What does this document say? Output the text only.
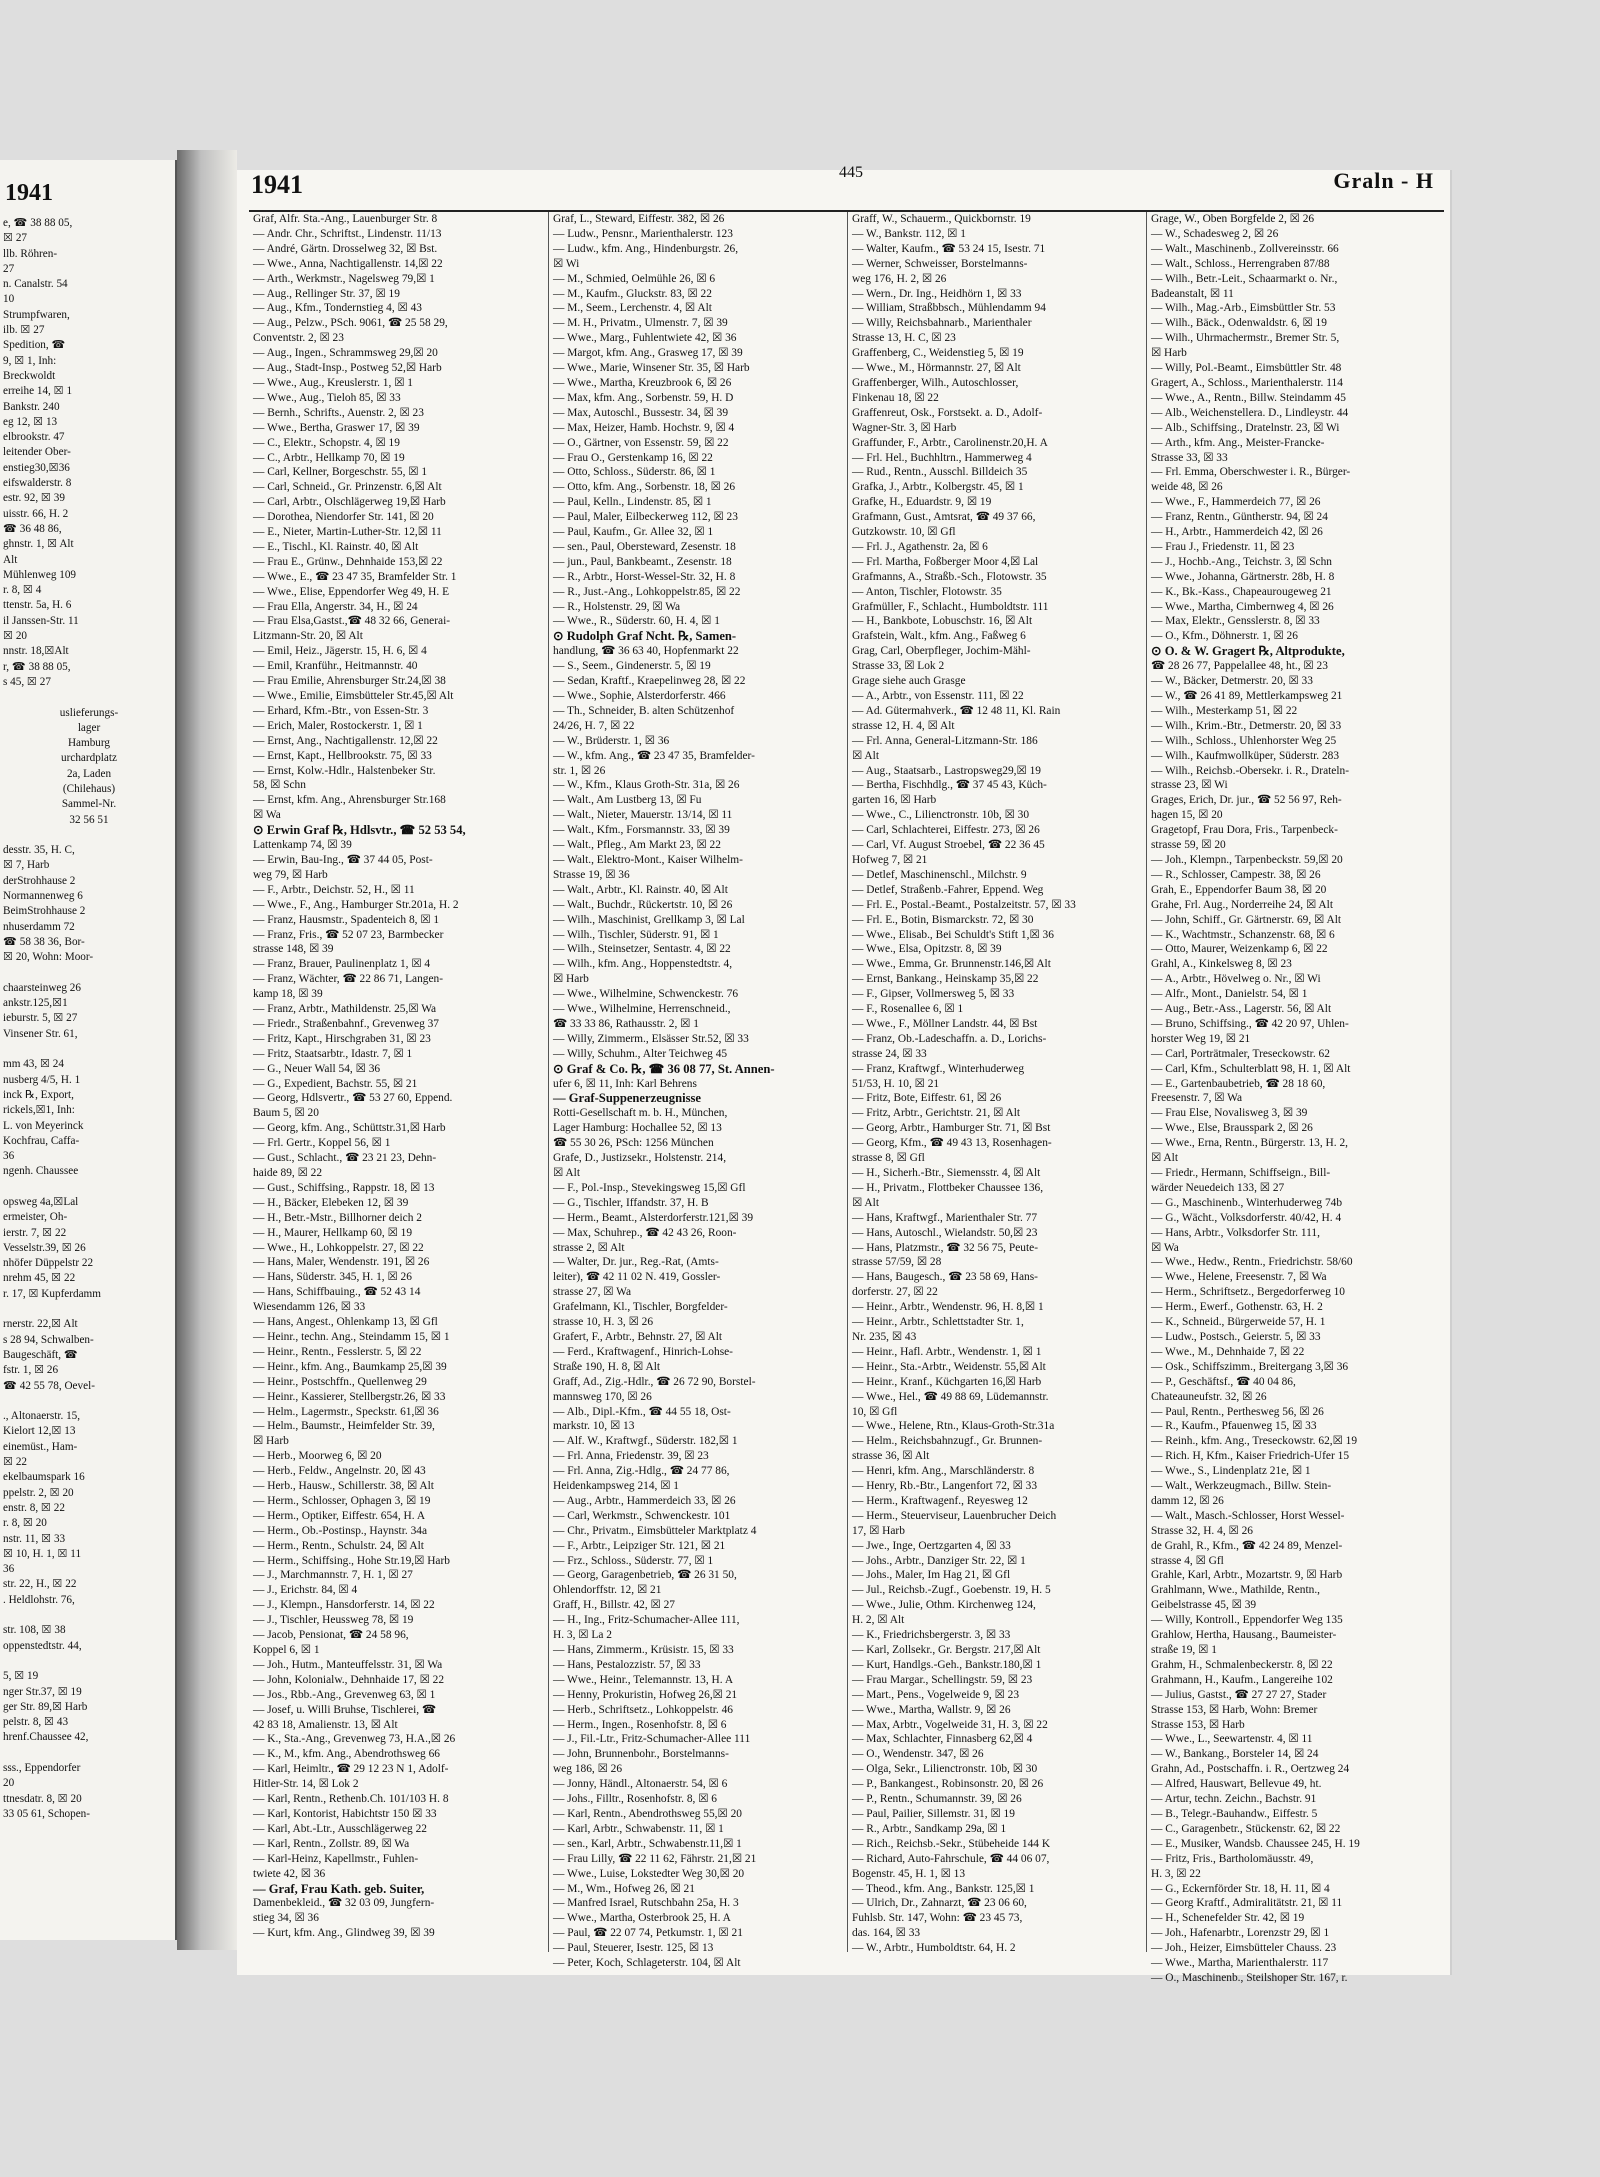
1941
e, ☎ 38 88 05,
☒ 27
llb. Röhren-
27
n. Canalstr. 54
10
Strumpfwaren,
ilb. ☒ 27
Spedition, ☎
9, ☒ 1, Inh:
Breckwoldt
erreihe 14, ☒ 1
Bankstr. 240
eg 12, ☒ 13
elbrookstr. 47
leitender Ober-
enstieg30,☒36
eifswalderstr. 8
estr. 92, ☒ 39
uisstr. 66, H. 2
☎ 36 48 86,
ghnstr. 1, ☒ Alt
Alt
Mühlenweg 109
r. 8, ☒ 4
ttenstr. 5a, H. 6
il Janssen-Str. 11
☒ 20
nnstr. 18,☒Alt
r, ☎ 38 88 05,
s 45, ☒ 27

uslieferungs-
lager
Hamburg
urchardplatz
2a, Laden
(Chilehaus)
Sammel-Nr.
32 56 51

desstr. 35, H. C,
☒ 7, Harb
derStrohhause 2
Normannenweg 6
BeimStrohhause 2
nhuserdamm 72
☎ 58 38 36, Bor-
☒ 20, Wohn: Moor-

chaarsteinweg 26
ankstr.125,☒1
ieburstr. 5, ☒ 27
Vinsener Str. 61,

mm 43, ☒ 24
nusberg 4/5, H. 1
inck ℞, Export,
rickels,☒1, Inh:
L. von Meyerinck
Kochfrau, Caffa-
36
ngenh. Chaussee

opsweg 4a,☒Lal
ermeister, Oh-
ierstr. 7, ☒ 22
Vesselstr.39, ☒ 26
nhöfer Düppelstr 22
nrehm 45, ☒ 22
r. 17, ☒ Kupferdamm

rnerstr. 22,☒ Alt
s 28 94, Schwalben-
Baugeschäft, ☎
fstr. 1, ☒ 26
☎ 42 55 78, Oevel-

., Altonaerstr. 15,
Kielort 12,☒ 13
einemüst., Ham-
☒ 22
ekelbaumspark 16
ppelstr. 2, ☒ 20
enstr. 8, ☒ 22
r. 8, ☒ 20
nstr. 11, ☒ 33
☒ 10, H. 1, ☒ 11
36
str. 22, H., ☒ 22
. Heldlohstr. 76,

str. 108, ☒ 38
oppenstedtstr. 44,

5, ☒ 19
nger Str.37, ☒ 19
ger Str. 89,☒ Harb
pelstr. 8, ☒ 43
hrenf.Chaussee 42,

sss., Eppendorfer
20
ttnesdatr. 8, ☒ 20
33 05 61, Schopen-
1941	445	Graln - H
Graf, Alfr. Sta.-Ang., Lauenburger Str. 8
— Andr. Chr., Schriftst., Lindenstr. 11/13
— André, Gärtn. Drosselweg 32, ☒ Bst.
— Wwe., Anna, Nachtigallenstr. 14,☒ 22
— Arth., Werkmstr., Nagelsweg 79,☒ 1
— Aug., Rellinger Str. 37, ☒ 19
— Aug., Kfm., Tondernstieg 4, ☒ 43
— Aug., Pelzw., PSch. 9061, ☎ 25 58 29,
Conventstr. 2, ☒ 23
— Aug., Ingen., Schrammsweg 29,☒ 20
— Aug., Stadt-Insp., Postweg 52,☒ Harb
— Wwe., Aug., Kreuslerstr. 1, ☒ 1
— Wwe., Aug., Tieloh 85, ☒ 33
— Bernh., Schrifts., Auenstr. 2, ☒ 23
— Wwe., Bertha, Graswег 17, ☒ 39
— C., Elektr., Schopstr. 4, ☒ 19
— C., Arbtr., Hellkamp 70, ☒ 19
— Carl, Kellner, Borgeschstr. 55, ☒ 1
— Carl, Schneid., Gr. Prinzenstr. 6,☒ Alt
— Carl, Arbtr., Olschlägerweg 19,☒ Harb
— Dorothea, Niendorfer Str. 141, ☒ 20
— E., Nieter, Martin-Luther-Str. 12,☒ 11
— E., Tischl., Kl. Rainstr. 40, ☒ Alt
— Frau E., Grünw., Dehnhaide 153,☒ 22
— Wwe., E., ☎ 23 47 35, Bramfelder Str. 1
— Wwe., Elise, Eppendorfer Weg 49, H. E
— Frau Ella, Angerstr. 34, H., ☒ 24
— Frau Elsa,Gastst.,☎ 48 32 66, Generai-
Litzmann-Str. 20, ☒ Alt
— Emil, Heiz., Jägerstr. 15, H. 6, ☒ 4
— Emil, Kranführ., Heitmannstr. 40
— Frau Emilie, Ahrensburger Str.24,☒ 38
— Wwe., Emilie, Eimsbütteler Str.45,☒ Alt
— Erhard, Kfm.-Btr., von Essen-Str. 3
— Erich, Maler, Rostockerstr. 1, ☒ 1
— Ernst, Ang., Nachtigallenstr. 12,☒ 22
— Ernst, Kapt., Hellbrookstr. 75, ☒ 33
— Ernst, Kolw.-Hdlr., Halstenbeker Str.
58, ☒ Schn
— Ernst, kfm. Ang., Ahrensburger Str.168
☒ Wa
⊙ Erwin Graf ℞, Hdlsvtr., ☎ 52 53 54,
Lattenkamp 74, ☒ 39
— Erwin, Bau-Ing., ☎ 37 44 05, Post-
weg 79, ☒ Harb
— F., Arbtr., Deichstr. 52, H., ☒ 11
— Wwe., F., Ang., Hamburger Str.201a, H. 2
— Franz, Hausmstr., Spadenteich 8, ☒ 1
— Franz, Fris., ☎ 52 07 23, Barmbecker
strasse 148, ☒ 39
— Franz, Brauer, Paulinenplatz 1, ☒ 4
— Franz, Wächter, ☎ 22 86 71, Langen-
kamp 18, ☒ 39
— Franz, Arbtr., Mathildenstr. 25,☒ Wa
— Friedr., Straßenbahnf., Grevenweg 37
— Fritz, Kapt., Hirschgraben 31, ☒ 23
— Fritz, Staatsarbtr., Idastr. 7, ☒ 1
— G., Neuer Wall 54, ☒ 36
— G., Expedient, Bachstr. 55, ☒ 21
— Georg, Hdlsvertr., ☎ 53 27 60, Eppend.
Baum 5, ☒ 20
— Georg, kfm. Ang., Schüttstr.31,☒ Harb
— Frl. Gertr., Koppel 56, ☒ 1
— Gust., Schlacht., ☎ 23 21 23, Dehn-
haide 89, ☒ 22
— Gust., Schiffsing., Rappstr. 18, ☒ 13
— H., Bäcker, Elebeken 12, ☒ 39
— H., Betr.-Mstr., Billhorner deich 2
— H., Maurer, Hellkamp 60, ☒ 19
— Wwe., H., Lohkoppelstr. 27, ☒ 22
— Hans, Maler, Wendenstr. 191, ☒ 26
— Hans, Süderstr. 345, H. 1, ☒ 26
— Hans, Schiffbauing., ☎ 52 43 14
Wiesendamm 126, ☒ 33
— Hans, Angest., Ohlenkamp 13, ☒ Gfl
— Heinr., techn. Ang., Steindamm 15, ☒ 1
— Heinr., Rentn., Fesslerstr. 5, ☒ 22
— Heinr., kfm. Ang., Baumkamp 25,☒ 39
— Heinr., Postschffn., Quellenweg 29
— Heinr., Kassierer, Stellbergstr.26, ☒ 33
— Helm., Lagermstr., Speckstr. 61,☒ 36
— Helm., Baumstr., Heimfelder Str. 39,
☒ Harb
— Herb., Moorweg 6, ☒ 20
— Herb., Feldw., Angelnstr. 20, ☒ 43
— Herb., Hausw., Schillerstr. 38, ☒ Alt
— Herm., Schlosser, Ophagen 3, ☒ 19
— Herm., Optiker, Eiffestr. 654, H. A
— Herm., Ob.-Postinsp., Haynstr. 34a
— Herm., Rentn., Schulstr. 24, ☒ Alt
— Herm., Schiffsing., Hohe Str.19,☒ Harb
— J., Marchmannstr. 7, H. 1, ☒ 27
— J., Erichstr. 84, ☒ 4
— J., Klempn., Hansdorferstr. 14, ☒ 22
— J., Tischler, Heussweg 78, ☒ 19
— Jacob, Pensionat, ☎ 24 58 96,
Koppel 6, ☒ 1
— Joh., Hutm., Manteuffelsstr. 31, ☒ Wa
— John, Kolonialw., Dehnhaide 17, ☒ 22
— Jos., Rbb.-Ang., Grevenweg 63, ☒ 1
— Josef, u. Willi Bruhse, Tischlerei, ☎
42 83 18, Amalienstr. 13, ☒ Alt
— K., Sta.-Ang., Grevenweg 73, H.A.,☒ 26
— K., M., kfm. Ang., Abendrothsweg 66
— Karl, Heimltr., ☎ 29 12 23 N 1, Adolf-
Hitler-Str. 14, ☒ Lok 2
— Karl, Rentn., Rethenb.Ch. 101/103 H. 8
— Karl, Kontorist, Habichtstr 150 ☒ 33
— Karl, Abt.-Ltr., Ausschlägerweg 22
— Karl, Rentn., Zollstr. 89, ☒ Wa
— Karl-Heinz, Kapellmstr., Fuhlen-
twiete 42, ☒ 36
— Graf, Frau Kath. geb. Suiter,
Damenbekleid., ☎ 32 03 09, Jungfern-
stieg 34, ☒ 36
— Kurt, kfm. Ang., Glindweg 39, ☒ 39
Graf, L., Steward, Eiffestr. 382, ☒ 26
— Ludw., Pensnr., Marienthalerstr. 123
— Ludw., kfm. Ang., Hindenburgstr. 26,
☒ Wi
— M., Schmied, Oelmühle 26, ☒ 6
— M., Kaufm., Gluckstr. 83, ☒ 22
— M., Seem., Lerchenstr. 4, ☒ Alt
— M. H., Privatm., Ulmenstr. 7, ☒ 39
— Wwe., Marg., Fuhlentwiete 42, ☒ 36
— Margot, kfm. Ang., Grasweg 17, ☒ 39
— Wwe., Marie, Winsener Str. 35, ☒ Harb
— Wwe., Martha, Kreuzbrook 6, ☒ 26
— Max, kfm. Ang., Sorbenstr. 59, H. D
— Max, Autoschl., Bussestr. 34, ☒ 39
— Max, Heizer, Hamb. Hochstr. 9, ☒ 4
— O., Gärtner, von Essenstr. 59, ☒ 22
— Frau O., Gerstenkamp 16, ☒ 22
— Otto, Schloss., Süderstr. 86, ☒ 1
— Otto, kfm. Ang., Sorbenstr. 18, ☒ 26
— Paul, Kelln., Lindenstr. 85, ☒ 1
— Paul, Maler, Eilbeckerweg 112, ☒ 23
— Paul, Kaufm., Gr. Allee 32, ☒ 1
— sen., Paul, Obersteward, Zesenstr. 18
— jun., Paul, Bankbeamt., Zesenstr. 18
— R., Arbtr., Horst-Wessel-Str. 32, H. 8
— R., Just.-Ang., Lohkoppelstr.85, ☒ 22
— R., Holstenstr. 29, ☒ Wa
— Wwe., R., Süderstr. 60, H. 4, ☒ 1
⊙ Rudolph Graf Ncht. ℞, Samen-
handlung, ☎ 36 63 40, Hopfenmarkt 22
— S., Seem., Gindenerstr. 5, ☒ 19
— Sedan, Kraftf., Kraepelinweg 28, ☒ 22
— Wwe., Sophie, Alsterdorferstr. 466
— Th., Schneider, B. alten Schützenhof
24/26, H. 7, ☒ 22
— W., Brüderstr. 1, ☒ 36
— W., kfm. Ang., ☎ 23 47 35, Bramfelder-
str. 1, ☒ 26
— W., Kfm., Klaus Groth-Str. 31a, ☒ 26
— Walt., Am Lustberg 13, ☒ Fu
— Walt., Nieter, Mauerstr. 13/14, ☒ 11
— Walt., Kfm., Forsmannstr. 33, ☒ 39
— Walt., Pfleg., Am Markt 23, ☒ 22
— Walt., Elektro-Mont., Kaiser Wilhelm-
Strasse 19, ☒ 36
— Walt., Arbtr., Kl. Rainstr. 40, ☒ Alt
— Walt., Buchdr., Rückertstr. 10, ☒ 26
— Wilh., Maschinist, Grellkamp 3, ☒ Lal
— Wilh., Tischler, Süderstr. 91, ☒ 1
— Wilh., Steinsetzer, Sentastr. 4, ☒ 22
— Wilh., kfm. Ang., Hoppenstedtstr. 4,
☒ Harb
— Wwe., Wilhelmine, Schwenckestr. 76
— Wwe., Wilhelmine, Herrenschneid.,
☎ 33 33 86, Rathausstr. 2, ☒ 1
— Willy, Zimmerm., Elsässer Str.52, ☒ 33
— Willy, Schuhm., Alter Teichweg 45
⊙ Graf & Co. ℞, ☎ 36 08 77, St. Annen-
ufer 6, ☒ 11, Inh: Karl Behrens
— Graf-Suppenerzeugnisse
Rotti-Gesellschaft m. b. H., München,
Lager Hamburg: Hochallee 52, ☒ 13
☎ 55 30 26, PSch: 1256 München
Grafe, D., Justizsekr., Holstenstr. 214,
☒ Alt
— F., Pol.-Insp., Stevekingsweg 15,☒ Gfl
— G., Tischler, Iffandstr. 37, H. B
— Herm., Beamt., Alsterdorferstr.121,☒ 39
— Max, Schuhrep., ☎ 42 43 26, Roon-
strasse 2, ☒ Alt
— Walter, Dr. jur., Reg.-Rat, (Amts-
leiter), ☎ 42 11 02 N. 419, Gossler-
strasse 27, ☒ Wa
Grafelmann, Kl., Tischler, Borgfelder-
strasse 10, H. 3, ☒ 26
Grafert, F., Arbtr., Behnstr. 27, ☒ Alt
— Ferd., Kraftwagenf., Hinrich-Lohse-
Straße 190, H. 8, ☒ Alt
Graff, Ad., Zig.-Hdlr., ☎ 26 72 90, Borstel-
mannsweg 170, ☒ 26
— Alb., Dipl.-Kfm., ☎ 44 55 18, Ost-
markstr. 10, ☒ 13
— Alf. W., Kraftwgf., Süderstr. 182,☒ 1
— Frl. Anna, Friedenstr. 39, ☒ 23
— Frl. Anna, Zig.-Hdlg., ☎ 24 77 86,
Heidenkampsweg 214, ☒ 1
— Aug., Arbtr., Hammerdeich 33, ☒ 26
— Carl, Werkmstr., Schwenckestr. 101
— Chr., Privatm., Eimsbütteler Marktplatz 4
— F., Arbtr., Leipziger Str. 121, ☒ 21
— Frz., Schloss., Süderstr. 77, ☒ 1
— Georg, Garagenbetrieb, ☎ 26 31 50,
Ohlendorffstr. 12, ☒ 21
Graff, H., Billstr. 42, ☒ 27
— H., Ing., Fritz-Schumacher-Allee 111,
H. 3, ☒ La 2
— Hans, Zimmerm., Krüsistr. 15, ☒ 33
— Hans, Pestalozzistr. 57, ☒ 33
— Wwe., Heinr., Telemannstr. 13, H. A
— Henny, Prokuristin, Hofweg 26,☒ 21
— Herb., Schriftsetz., Lohkoppelstr. 46
— Herm., Ingen., Rosenhofstr. 8, ☒ 6
— J., Fil.-Ltr., Fritz-Schumacher-Allee 111
— John, Brunnenbohr., Borstelmanns-
weg 186, ☒ 26
— Jonny, Händl., Altonaerstr. 54, ☒ 6
— Johs., Filltr., Rosenhofstr. 8, ☒ 6
— Karl, Rentn., Abendrothsweg 55,☒ 20
— Karl, Arbtr., Schwabenstr. 11, ☒ 1
— sen., Karl, Arbtr., Schwabenstr.11,☒ 1
— Frau Lilly, ☎ 22 11 62, Fährstr. 21,☒ 21
— Wwe., Luise, Lokstedter Weg 30,☒ 20
— M., Wm., Hofweg 26, ☒ 21
— Manfred Israel, Rutschbahn 25a, H. 3
— Wwe., Martha, Osterbrook 25, H. A
— Paul, ☎ 22 07 74, Petkumstr. 1, ☒ 21
— Paul, Steuerer, Isestr. 125, ☒ 13
— Peter, Koch, Schlageterstr. 104, ☒ Alt
Graff, W., Schauerm., Quickbornstr. 19
— W., Bankstr. 112, ☒ 1
— Walter, Kaufm., ☎ 53 24 15, Isestr. 71
— Werner, Schweisser, Borstelmanns-
weg 176, H. 2, ☒ 26
— Wern., Dr. Ing., Heidhörn 1, ☒ 33
— William, Straßbbsch., Mühlendamm 94
— Willy, Reichsbahnarb., Marienthaler
Strasse 13, H. C, ☒ 23
Graffenberg, C., Weidenstieg 5, ☒ 19
— Wwe., M., Hörmannstr. 27, ☒ Alt
Graffenberger, Wilh., Autoschlosser,
Finkenau 18, ☒ 22
Graffenreut, Osk., Forstsekt. a. D., Adolf-
Wagner-Str. 3, ☒ Harb
Graffunder, F., Arbtr., Carolinenstr.20,H. A
— Frl. Hel., Buchhltrn., Hammerweg 4
— Rud., Rentn., Ausschl. Billdeich 35
Grafka, J., Arbtr., Kolbergstr. 45, ☒ 1
Grafke, H., Eduardstr. 9, ☒ 19
Grafmann, Gust., Amtsrat, ☎ 49 37 66,
Gutzkowstr. 10, ☒ Gfl
— Frl. J., Agathenstr. 2a, ☒ 6
— Frl. Martha, Foßberger Moor 4,☒ Lal
Grafmanns, A., Straßb.-Sch., Flotowstr. 35
— Anton, Tischler, Flotowstr. 35
Grafmüller, F., Schlacht., Humboldtstr. 111
— H., Bankbote, Lobuschstr. 16, ☒ Alt
Grafstein, Walt., kfm. Ang., Faßweg 6
Grag, Carl, Oberpfleger, Jochim-Mähl-
Strasse 33, ☒ Lok 2
Grage siehe auch Grasge
— A., Arbtr., von Essenstr. 111, ☒ 22
— Ad. Gütermahverk., ☎ 12 48 11, Kl. Rain
strasse 12, H. 4, ☒ Alt
— Frl. Anna, General-Litzmann-Str. 186
☒ Alt
— Aug., Staatsarb., Lastropsweg29,☒ 19
— Bertha, Fischhdlg., ☎ 37 45 43, Küch-
garten 16, ☒ Harb
— Wwe., C., Lilienctronstr. 10b, ☒ 30
— Carl, Schlachterei, Eiffestr. 273, ☒ 26
— Carl, Vf. August Stroebel, ☎ 22 36 45
Hofweg 7, ☒ 21
— Detlef, Maschinenschl., Milchstr. 9
— Detlef, Straßenb.-Fahrer, Eppend. Weg
— Frl. E., Postal.-Beamt., Postalzeitstr. 57, ☒ 33
— Frl. E., Botin, Bismarckstr. 72, ☒ 30
— Wwe., Elisab., Bei Schuldt's Stift 1,☒ 36
— Wwe., Elsa, Opitzstr. 8, ☒ 39
— Wwe., Emma, Gr. Brunnenstr.146,☒ Alt
— Ernst, Bankang., Heinskamp 35,☒ 22
— F., Gipser, Vollmersweg 5, ☒ 33
— F., Rosenallee 6, ☒ 1
— Wwe., F., Möllner Landstr. 44, ☒ Bst
— Franz, Ob.-Ladeschaffn. a. D., Lorichs-
strasse 24, ☒ 33
— Franz, Kraftwgf., Winterhuderweg
51/53, H. 10, ☒ 21
— Fritz, Bote, Eiffestr. 61, ☒ 26
— Fritz, Arbtr., Gerichtstr. 21, ☒ Alt
— Georg, Arbtr., Hamburger Str. 71, ☒ Bst
— Georg, Kfm., ☎ 49 43 13, Rosenhagen-
strasse 8, ☒ Gfl
— H., Sicherh.-Btr., Siemensstr. 4, ☒ Alt
— H., Privatm., Flottbeker Chaussee 136,
☒ Alt
— Hans, Kraftwgf., Marienthaler Str. 77
— Hans, Autoschl., Wielandstr. 50,☒ 23
— Hans, Platzmstr., ☎ 32 56 75, Peute-
strasse 57/59, ☒ 28
— Hans, Baugesch., ☎ 23 58 69, Hans-
dorferstr. 27, ☒ 22
— Heinr., Arbtr., Wendenstr. 96, H. 8,☒ 1
— Heinr., Arbtr., Schlettstadter Str. 1,
Nr. 235, ☒ 43
— Heinr., Hafl. Arbtr., Wendenstr. 1, ☒ 1
— Heinr., Sta.-Arbtr., Weidenstr. 55,☒ Alt
— Heinr., Kranf., Küchgarten 16,☒ Harb
— Wwe., Hel., ☎ 49 88 69, Lüdemannstr.
10, ☒ Gfl
— Wwe., Helene, Rtn., Klaus-Groth-Str.31a
— Helm., Reichsbahnzugf., Gr. Brunnen-
strasse 36, ☒ Alt
— Henri, kfm. Ang., Marschländerstr. 8
— Henry, Rb.-Btr., Langenfort 72, ☒ 33
— Herm., Kraftwagenf., Reyesweg 12
— Herm., Steuerviseur, Lauenbrucher Deich
17, ☒ Harb
— Jwe., Inge, Oertzgarten 4, ☒ 33
— Johs., Arbtr., Danziger Str. 22, ☒ 1
— Johs., Maler, Im Hag 21, ☒ Gfl
— Jul., Reichsb.-Zugf., Goebenstr. 19, H. 5
— Wwe., Julie, Othm. Kirchenweg 124,
H. 2, ☒ Alt
— K., Friedrichsbergerstr. 3, ☒ 33
— Karl, Zollsekr., Gr. Bergstr. 217,☒ Alt
— Kurt, Handlgs.-Geh., Bankstr.180,☒ 1
— Frau Margar., Schellingstr. 59, ☒ 23
— Mart., Pens., Vogelweide 9, ☒ 23
— Wwe., Martha, Wallstr. 9, ☒ 26
— Max, Arbtr., Vogelweide 31, H. 3, ☒ 22
— Max, Schlachter, Finnasberg 62,☒ 4
— O., Wendenstr. 347, ☒ 26
— Olga, Sekr., Lilienctronstr. 10b, ☒ 30
— P., Bankangest., Robinsonstr. 20, ☒ 26
— P., Rentn., Schumannstr. 39, ☒ 26
— Paul, Pailier, Sillemstr. 31, ☒ 19
— R., Arbtr., Sandkamp 29a, ☒ 1
— Rich., Reichsb.-Sekr., Stübeheide 144 K
— Richard, Auto-Fahrschule, ☎ 44 06 07,
Bogenstr. 45, H. 1, ☒ 13
— Theod., kfm. Ang., Bankstr. 125,☒ 1
— Ulrich, Dr., Zahnarzt, ☎ 23 06 60,
Fuhlsb. Str. 147, Wohn: ☎ 23 45 73,
das. 164, ☒ 33
— W., Arbtr., Humboldtstr. 64, H. 2
Grage, W., Oben Borgfelde 2, ☒ 26
— W., Schadesweg 2, ☒ 26
— Walt., Maschinenb., Zollvereinsstr. 66
— Walt., Schloss., Herrengraben 87/88
— Wilh., Betr.-Leit., Schaarmarkt o. Nr.,
Badeanstalt, ☒ 11
— Wilh., Mag.-Arb., Eimsbüttler Str. 53
— Wilh., Bäck., Odenwaldstr. 6, ☒ 19
— Wilh., Uhrmachermstr., Bremer Str. 5,
☒ Harb
— Willy, Pol.-Beamt., Eimsbüttler Str. 48
Gragert, A., Schloss., Marienthalerstr. 114
— Wwe., A., Rentn., Billw. Steindamm 45
— Alb., Weichenstellera. D., Lindleystr. 44
— Alb., Schiffsing., Dratelnstr. 23, ☒ Wi
— Arth., kfm. Ang., Meister-Francke-
Strasse 33, ☒ 33
— Frl. Emma, Oberschwester i. R., Bürger-
weide 48, ☒ 26
— Wwe., F., Hammerdeich 77, ☒ 26
— Franz, Rentn., Güntherstr. 94, ☒ 24
— H., Arbtr., Hammerdeich 42, ☒ 26
— Frau J., Friedenstr. 11, ☒ 23
— J., Hochb.-Ang., Teichstr. 3, ☒ Schn
— Wwe., Johanna, Gärtnerstr. 28b, H. 8
— K., Bk.-Kass., Chapeaurougeweg 21
— Wwe., Martha, Cimbernweg 4, ☒ 26
— Max, Elektr., Gensslerstr. 8, ☒ 33
— O., Kfm., Döhnerstr. 1, ☒ 26
⊙ O. & W. Gragert ℞, Altprodukte,
☎ 28 26 77, Pappelallee 48, ht., ☒ 23
— W., Bäcker, Detmerstr. 20, ☒ 33
— W., ☎ 26 41 89, Mettlerkampsweg 21
— Wilh., Mesterkamp 51, ☒ 22
— Wilh., Krim.-Btr., Detmerstr. 20, ☒ 33
— Wilh., Schloss., Uhlenhorster Weg 25
— Wilh., Kaufmwollküper, Süderstr. 283
— Wilh., Reichsb.-Obersekr. i. R., Drateln-
strasse 23, ☒ Wi
Grages, Erich, Dr. jur., ☎ 52 56 97, Reh-
hagen 15, ☒ 20
Gragetopf, Frau Dora, Fris., Tarpenbeck-
strasse 59, ☒ 20
— Joh., Klempn., Tarpenbeckstr. 59,☒ 20
— R., Schlosser, Campestr. 38, ☒ 26
Grah, E., Eppendorfer Baum 38, ☒ 20
Grahe, Frl. Aug., Norderreihe 24, ☒ Alt
— John, Schiff., Gr. Gärtnerstr. 69, ☒ Alt
— K., Wachtmstr., Schanzenstr. 68, ☒ 6
— Otto, Maurer, Weizenkamp 6, ☒ 22
Grahl, A., Kinkelsweg 8, ☒ 23
— A., Arbtr., Hövelweg o. Nr., ☒ Wi
— Alfr., Mont., Danielstr. 54, ☒ 1
— Aug., Betr.-Ass., Lagerstr. 56, ☒ Alt
— Bruno, Schiffsing., ☎ 42 20 97, Uhlen-
horster Weg 19, ☒ 21
— Carl, Porträtmaler, Treseckowstr. 62
— Carl, Kfm., Schulterblatt 98, H. 1, ☒ Alt
— E., Gartenbaubetrieb, ☎ 28 18 60,
Freesenstr. 7, ☒ Wa
— Frau Else, Novalisweg 3, ☒ 39
— Wwe., Else, Brausspark 2, ☒ 26
— Wwe., Erna, Rentn., Bürgerstr. 13, H. 2,
☒ Alt
— Friedr., Hermann, Schiffseign., Bill-
wärder Neuedeich 133, ☒ 27
— G., Maschinenb., Winterhuderweg 74b
— G., Wächt., Volksdorferstr. 40/42, H. 4
— Hans, Arbtr., Volksdorfer Str. 111,
☒ Wa
— Wwe., Hedw., Rentn., Friedrichstr. 58/60
— Wwe., Helene, Freesenstr. 7, ☒ Wa
— Herm., Schriftsetz., Bergedorferweg 10
— Herm., Ewerf., Gothenstr. 63, H. 2
— K., Schneid., Bürgerweide 57, H. 1
— Ludw., Postsch., Geierstr. 5, ☒ 33
— Wwe., M., Dehnhaide 7, ☒ 22
— Osk., Schiffszimm., Breitergang 3,☒ 36
— P., Geschäftsf., ☎ 40 04 86,
Chateauneufstr. 32, ☒ 26
— Paul, Rentn., Perthesweg 56, ☒ 26
— R., Kaufm., Pfauenweg 15, ☒ 33
— Reinh., kfm. Ang., Treseckowstr. 62,☒ 19
— Rich. H, Kfm., Kaiser Friedrich-Ufer 15
— Wwe., S., Lindenplatz 21e, ☒ 1
— Walt., Werkzeugmach., Billw. Stein-
damm 12, ☒ 26
— Walt., Masch.-Schlosser, Horst Wessel-
Strasse 32, H. 4, ☒ 26
de Grahl, R., Kfm., ☎ 42 24 89, Menzel-
strasse 4, ☒ Gfl
Grahle, Karl, Arbtr., Mozartstr. 9, ☒ Harb
Grahlmann, Wwe., Mathilde, Rentn.,
Geibelstrasse 45, ☒ 39
— Willy, Kontroll., Eppendorfer Weg 135
Grahlow, Hertha, Hausang., Baumeister-
straße 19, ☒ 1
Grahm, H., Schmalenbeckerstr. 8, ☒ 22
Grahmann, H., Kaufm., Langereihe 102
— Julius, Gastst., ☎ 27 27 27, Stader
Strasse 153, ☒ Harb, Wohn: Bremer
Strasse 153, ☒ Harb
— Wwe., L., Seewartenstr. 4, ☒ 11
— W., Bankang., Borsteler 14, ☒ 24
Grahn, Ad., Postschaffn. i. R., Oertzweg 24
— Alfred, Hauswart, Bellevue 49, ht.
— Artur, techn. Zeichn., Bachstr. 91
— B., Telegr.-Bauhandw., Eiffestr. 5
— C., Garagenbetr., Stückenstr. 62, ☒ 22
— E., Musiker, Wandsb. Chaussee 245, H. 19
— Fritz, Fris., Bartholomäusstr. 49,
H. 3, ☒ 22
— G., Eckernförder Str. 18, H. 11, ☒ 4
— Georg Kraftf., Admiralitätstr. 21, ☒ 11
— H., Schenefelder Str. 42, ☒ 19
— Joh., Hafenarbtr., Lorenzstr 29, ☒ 1
— Joh., Heizer, Eimsbütteler Chauss. 23
— Wwe., Martha, Marienthalerstr. 117
— O., Maschinenb., Steilshoper Str. 167, r.
